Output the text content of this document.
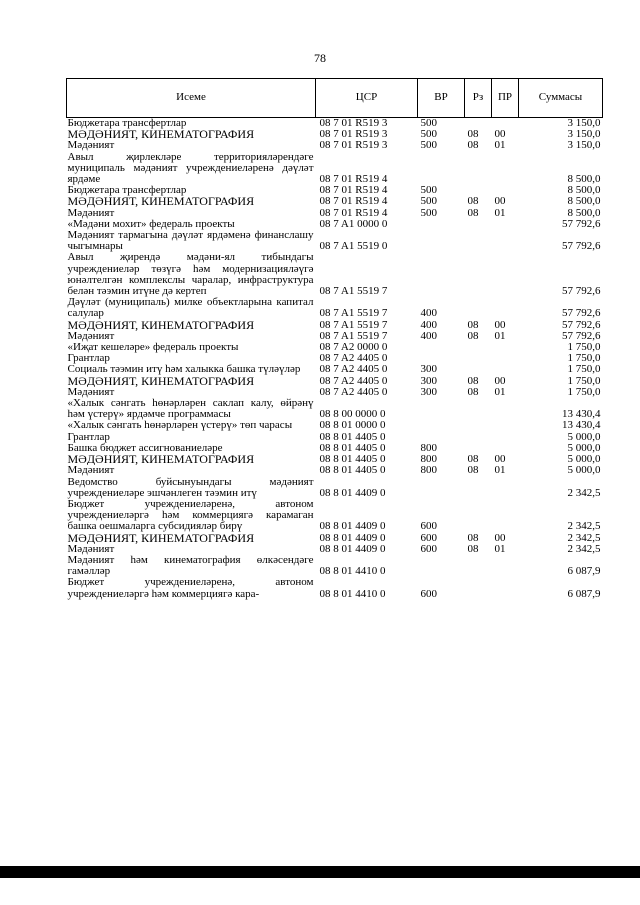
78
Исеме	ЦСР	ВР	Рз	ПР	Суммасы
Бюджетара трансфертлар	08 7 01 R519 3	500			3 150,0
МӘДӘНИЯТ, КИНЕМАТОГРАФИЯ	08 7 01 R519 3	500	08	00	3 150,0
Мәдәният	08 7 01 R519 3	500	08	01	3 150,0
Авыл җирлекләре территорияләрендәге муниципаль мәдәният учреждениеләренә дәүләт ярдәме	08 7 01 R519 4				8 500,0
Бюджетара трансфертлар	08 7 01 R519 4	500			8 500,0
МӘДӘНИЯТ, КИНЕМАТОГРАФИЯ	08 7 01 R519 4	500	08	00	8 500,0
Мәдәният	08 7 01 R519 4	500	08	01	8 500,0
«Мәдәни мохит» федераль проекты	08 7 A1 0000 0				57 792,6
Мәдәният тармагына дәүләт ярдәменә финанслашу чыгымнары	08 7 A1 5519 0				57 792,6
Авыл җирендә мәдәни-ял тибындагы учреждениеләр төзүгә һәм модернизацияләүгә юнәлтелгән комплекслы чаралар, инфраструктура белән тәэмин итүне дә кертеп	08 7 A1 5519 7				57 792,6
Дәүләт (муниципаль) милке объектларына капитал салулар	08 7 A1 5519 7	400			57 792,6
МӘДӘНИЯТ, КИНЕМАТОГРАФИЯ	08 7 A1 5519 7	400	08	00	57 792,6
Мәдәният	08 7 A1 5519 7	400	08	01	57 792,6
«Иҗат кешеләре» федераль проекты	08 7 A2 0000 0				1 750,0
Грантлар	08 7 A2 4405 0				1 750,0
Социаль тәэмин итү һәм халыкка башка түләүләр	08 7 A2 4405 0	300			1 750,0
МӘДӘНИЯТ, КИНЕМАТОГРАФИЯ	08 7 A2 4405 0	300	08	00	1 750,0
Мәдәният	08 7 A2 4405 0	300	08	01	1 750,0
«Халык сәнгать һөнәрләрен саклап калу, өйрәнү һәм үстерү» ярдәмче программасы	08 8 00 0000 0				13 430,4
«Халык сәнгать һөнәрләрен үстерү» төп чарасы	08 8 01 0000 0				13 430,4
Грантлар	08 8 01 4405 0				5 000,0
Башка бюджет ассигнованиеләре	08 8 01 4405 0	800			5 000,0
МӘДӘНИЯТ, КИНЕМАТОГРАФИЯ	08 8 01 4405 0	800	08	00	5 000,0
Мәдәният	08 8 01 4405 0	800	08	01	5 000,0
Ведомство буйсынуындагы мәдәният учреждениеләре эшчәнлеген тәэмин итү	08 8 01 4409 0				2 342,5
Бюджет учреждениеләренә, автоном учреждениеләргә һәм коммерциягә карамаган башка оешмаларга субсидияләр бирү	08 8 01 4409 0	600			2 342,5
МӘДӘНИЯТ, КИНЕМАТОГРАФИЯ	08 8 01 4409 0	600	08	00	2 342,5
Мәдәният	08 8 01 4409 0	600	08	01	2 342,5
Мәдәният һәм кинематография өлкәсендәге гамәлләр	08 8 01 4410 0				6 087,9
Бюджет учреждениеләренә, автоном учреждениеләргә һәм коммерциягә кара-	08 8 01 4410 0	600			6 087,9
